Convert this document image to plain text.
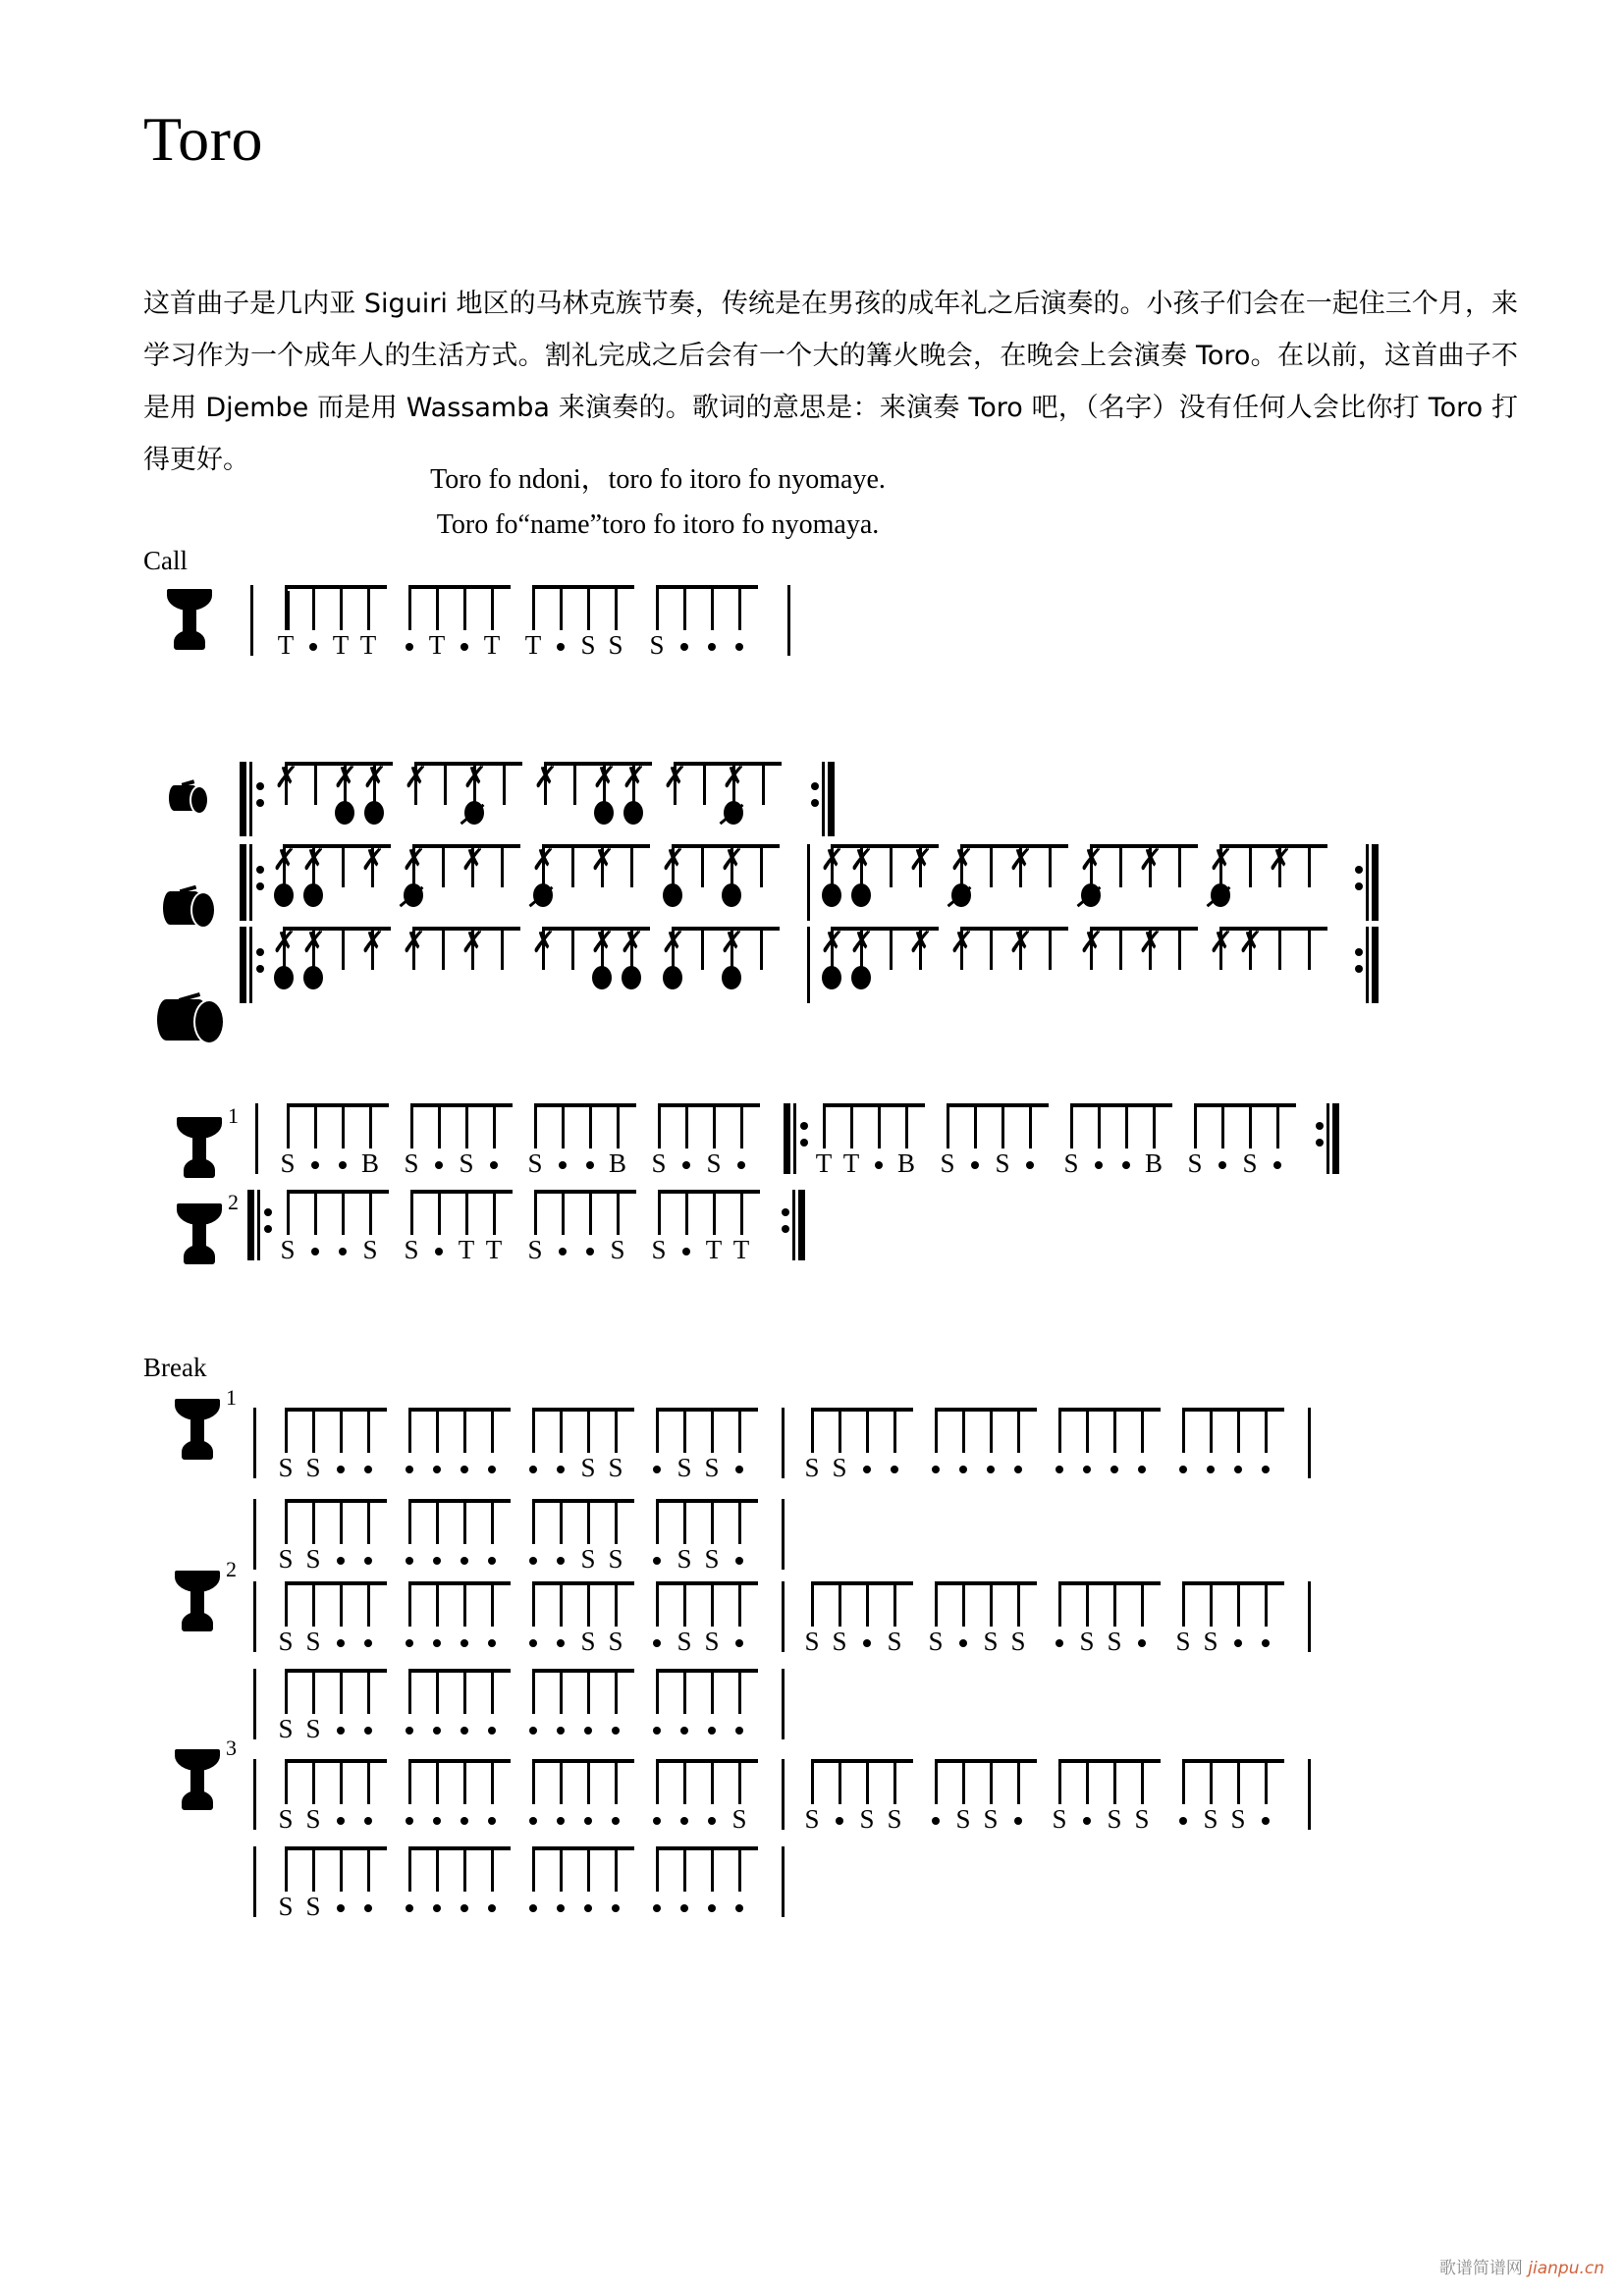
Toro

这首曲子是几内亚 Siguiri 地区的马林克族节奏，传统是在男孩的成年礼之后演奏的。小孩子们会在一起住三个月，来学习作为一个成年人的生活方式。割礼完成之后会有一个大的篝火晚会，在晚会上会演奏 Toro。在以前，这首曲子不是用 Djembe 而是用 Wassamba 来演奏的。歌词的意思是：来演奏 Toro 吧，（名字）没有任何人会比你打 Toro 打得更好。

Toro fo ndoni，toro fo itoro fo nyomaye.
Toro fo“name”toro fo itoro fo nyomaya.
Call
Break
T T T T T T S S S
✗ ✗ ✗ ✗ ✗ ✗ ✗ ✗ ✗ ✗
✗ ✗ ✗ ✗ ✗ ✗ ✗ ✗ ✗	✗ ✗ ✗ ✗ ✗ ✗ ✗ ✗ ✗
✗ ✗ ✗ ✗ ✗ ✗ ✗ ✗ ✗ ✗	✗ ✗ ✗ ✗ ✗ ✗ ✗ ✗ ✗
1
S B S S S B S S	T T B S S S B S S
2
S	S S T T S	S S T T
1
S S	S S S S	S S
S S	S S S S
2
S S	S S S S	S S S S S S S S S S
S S
3
S S	S S S S S S S S S S S
S S
歌谱简谱网 jianpu.cn
